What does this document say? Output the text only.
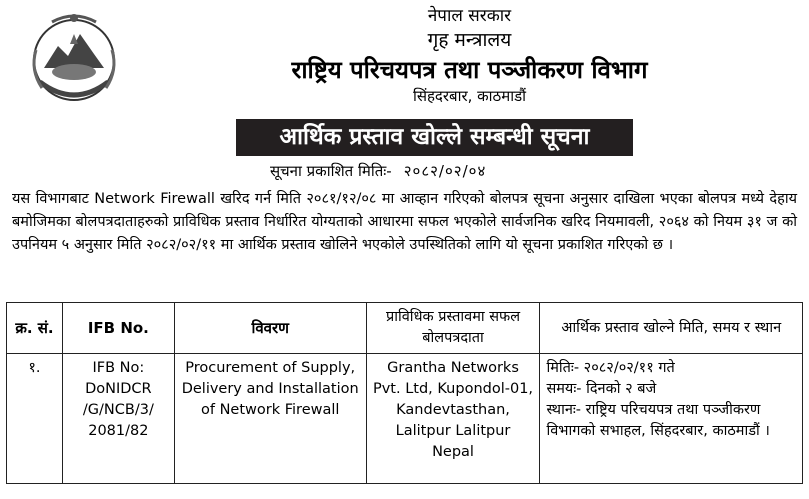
नेपाल सरकार
गृह मन्त्रालय
राष्ट्रिय परिचयपत्र तथा पञ्जीकरण विभाग
सिंहदरबार, काठमाडौं
आर्थिक प्रस्ताव खोल्ले सम्बन्धी सूचना
सूचना प्रकाशित मितिः- २०८२/०२/०४
यस विभागबाट Network Firewall खरिद गर्न मिति २०८१/१२/०८ मा आव्हान गरिएको बोलपत्र सूचना अनुसार दाखिला भएका बोलपत्र मध्ये देहाय बमोजिमका बोलपत्रदाताहरुको प्राविधिक प्रस्ताव निर्धारित योग्यताको आधारमा सफल भएकोले सार्वजनिक खरिद नियमावली, २०६४ को नियम ३१ ज को उपनियम ५ अनुसार मिति २०८२/०२/११ मा आर्थिक प्रस्ताव खोलिने भएकोले उपस्थितिको लागि यो सूचना प्रकाशित गरिएको छ ।
क्र. सं.	IFB No.	विवरण	प्राविधिक प्रस्तावमा सफल बोलपत्रदाता	आर्थिक प्रस्ताव खोल्ने मिति, समय र स्थान
१.	IFB No: DoNIDCR /G/NCB/3/ 2081/82	Procurement of Supply, Delivery and Installation of Network Firewall	Grantha Networks Pvt. Ltd, Kupondol-01, Kandevtasthan, Lalitpur Lalitpur Nepal	मितिः- २०८२/०२/११ गते
समयः- दिनको २ बजे
स्थानः- राष्ट्रिय परिचयपत्र तथा पञ्जीकरण विभागको सभाहल, सिंहदरबार, काठमाडौं ।
